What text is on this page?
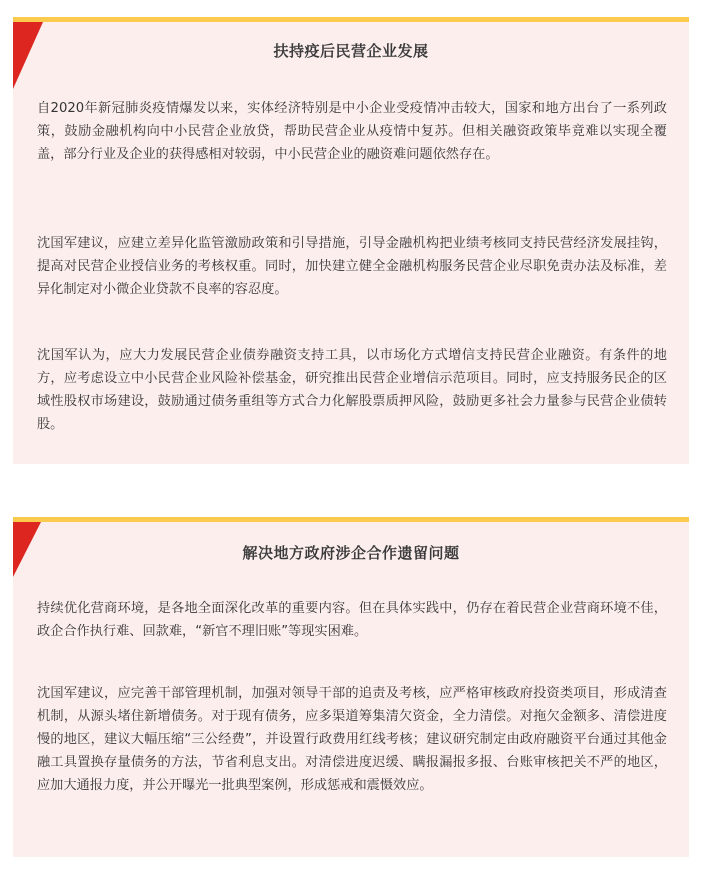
扶持疫后民营企业发展

自2020年新冠肺炎疫情爆发以来，实体经济特别是中小企业受疫情冲击较大，国家和地方出台了一系列政策，鼓励金融机构向中小民营企业放贷，帮助民营企业从疫情中复苏。但相关融资政策毕竟难以实现全覆盖，部分行业及企业的获得感相对较弱，中小民营企业的融资难问题依然存在。

沈国军建议，应建立差异化监管激励政策和引导措施，引导金融机构把业绩考核同支持民营经济发展挂钩，提高对民营企业授信业务的考核权重。同时，加快建立健全金融机构服务民营企业尽职免责办法及标准，差异化制定对小微企业贷款不良率的容忍度。

沈国军认为，应大力发展民营企业债券融资支持工具，以市场化方式增信支持民营企业融资。有条件的地方，应考虑设立中小民营企业风险补偿基金，研究推出民营企业增信示范项目。同时，应支持服务民企的区域性股权市场建设，鼓励通过债务重组等方式合力化解股票质押风险，鼓励更多社会力量参与民营企业债转股。

解决地方政府涉企合作遗留问题

持续优化营商环境，是各地全面深化改革的重要内容。但在具体实践中，仍存在着民营企业营商环境不佳，政企合作执行难、回款难，“新官不理旧账”等现实困难。

沈国军建议，应完善干部管理机制，加强对领导干部的追责及考核，应严格审核政府投资类项目，形成清查机制，从源头堵住新增债务。对于现有债务，应多渠道筹集清欠资金，全力清偿。对拖欠金额多、清偿进度慢的地区，建议大幅压缩“三公经费”，并设置行政费用红线考核；建议研究制定由政府融资平台通过其他金融工具置换存量债务的方法，节省利息支出。对清偿进度迟缓、瞒报漏报多报、台账审核把关不严的地区，应加大通报力度，并公开曝光一批典型案例，形成惩戒和震慑效应。
